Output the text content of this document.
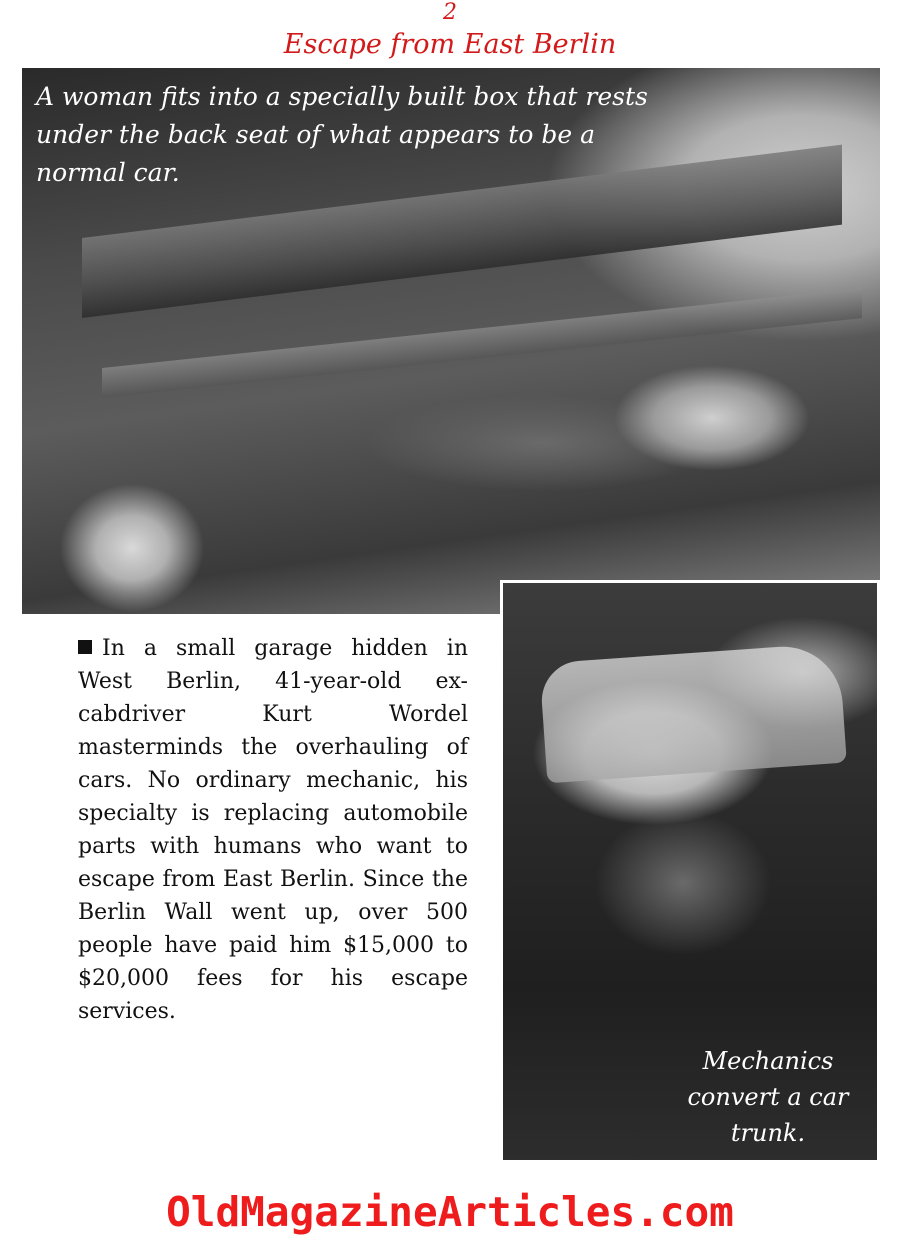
2
Escape from East Berlin

A woman fits into a specially built box that rests under the back seat of what appears to be a normal car.

Mechanics convert a car trunk.

In a small garage hidden in West Berlin, 41-year-old ex-cabdriver Kurt Wordel masterminds the overhauling of cars. No ordinary mechanic, his specialty is replacing automobile parts with humans who want to escape from East Berlin. Since the Berlin Wall went up, over 500 people have paid him $15,000 to $20,000 fees for his escape services.

OldMagazineArticles.com
